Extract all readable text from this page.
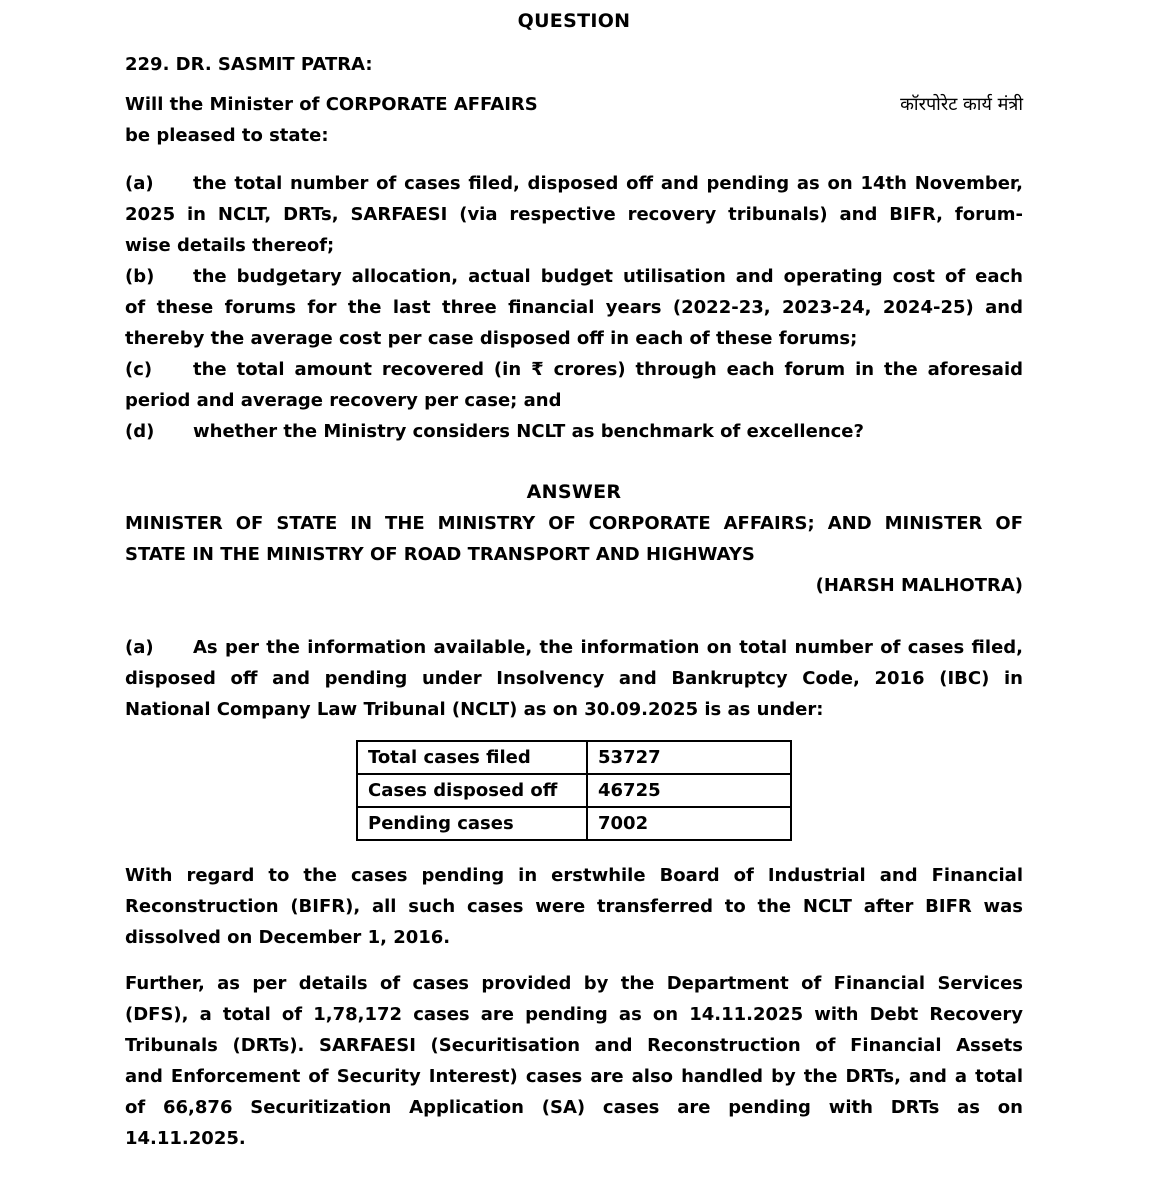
QUESTION
229. DR. SASMIT PATRA:
Will the Minister of CORPORATE AFFAIRS	कॉरपोरेट कार्य मंत्री
be pleased to state:
(a) the total number of cases filed, disposed off and pending as on 14th November,
2025 in NCLT, DRTs, SARFAESI (via respective recovery tribunals) and BIFR, forum-
wise details thereof;
(b) the budgetary allocation, actual budget utilisation and operating cost of each
of these forums for the last three financial years (2022-23, 2023-24, 2024-25) and
thereby the average cost per case disposed off in each of these forums;
(c) the total amount recovered (in ₹ crores) through each forum in the aforesaid
period and average recovery per case; and
(d) whether the Ministry considers NCLT as benchmark of excellence?
ANSWER
MINISTER OF STATE IN THE MINISTRY OF CORPORATE AFFAIRS; AND MINISTER OF
STATE IN THE MINISTRY OF ROAD TRANSPORT AND HIGHWAYS
(HARSH MALHOTRA)
(a) As per the information available, the information on total number of cases filed,
disposed off and pending under Insolvency and Bankruptcy Code, 2016 (IBC) in
National Company Law Tribunal (NCLT) as on 30.09.2025 is as under:
Total cases filed	53727
Cases disposed off	46725
Pending cases	7002
With regard to the cases pending in erstwhile Board of Industrial and Financial
Reconstruction (BIFR), all such cases were transferred to the NCLT after BIFR was
dissolved on December 1, 2016.
Further, as per details of cases provided by the Department of Financial Services
(DFS), a total of 1,78,172 cases are pending as on 14.11.2025 with Debt Recovery
Tribunals (DRTs). SARFAESI (Securitisation and Reconstruction of Financial Assets
and Enforcement of Security Interest) cases are also handled by the DRTs, and a total
of 66,876 Securitization Application (SA) cases are pending with DRTs as on
14.11.2025.
